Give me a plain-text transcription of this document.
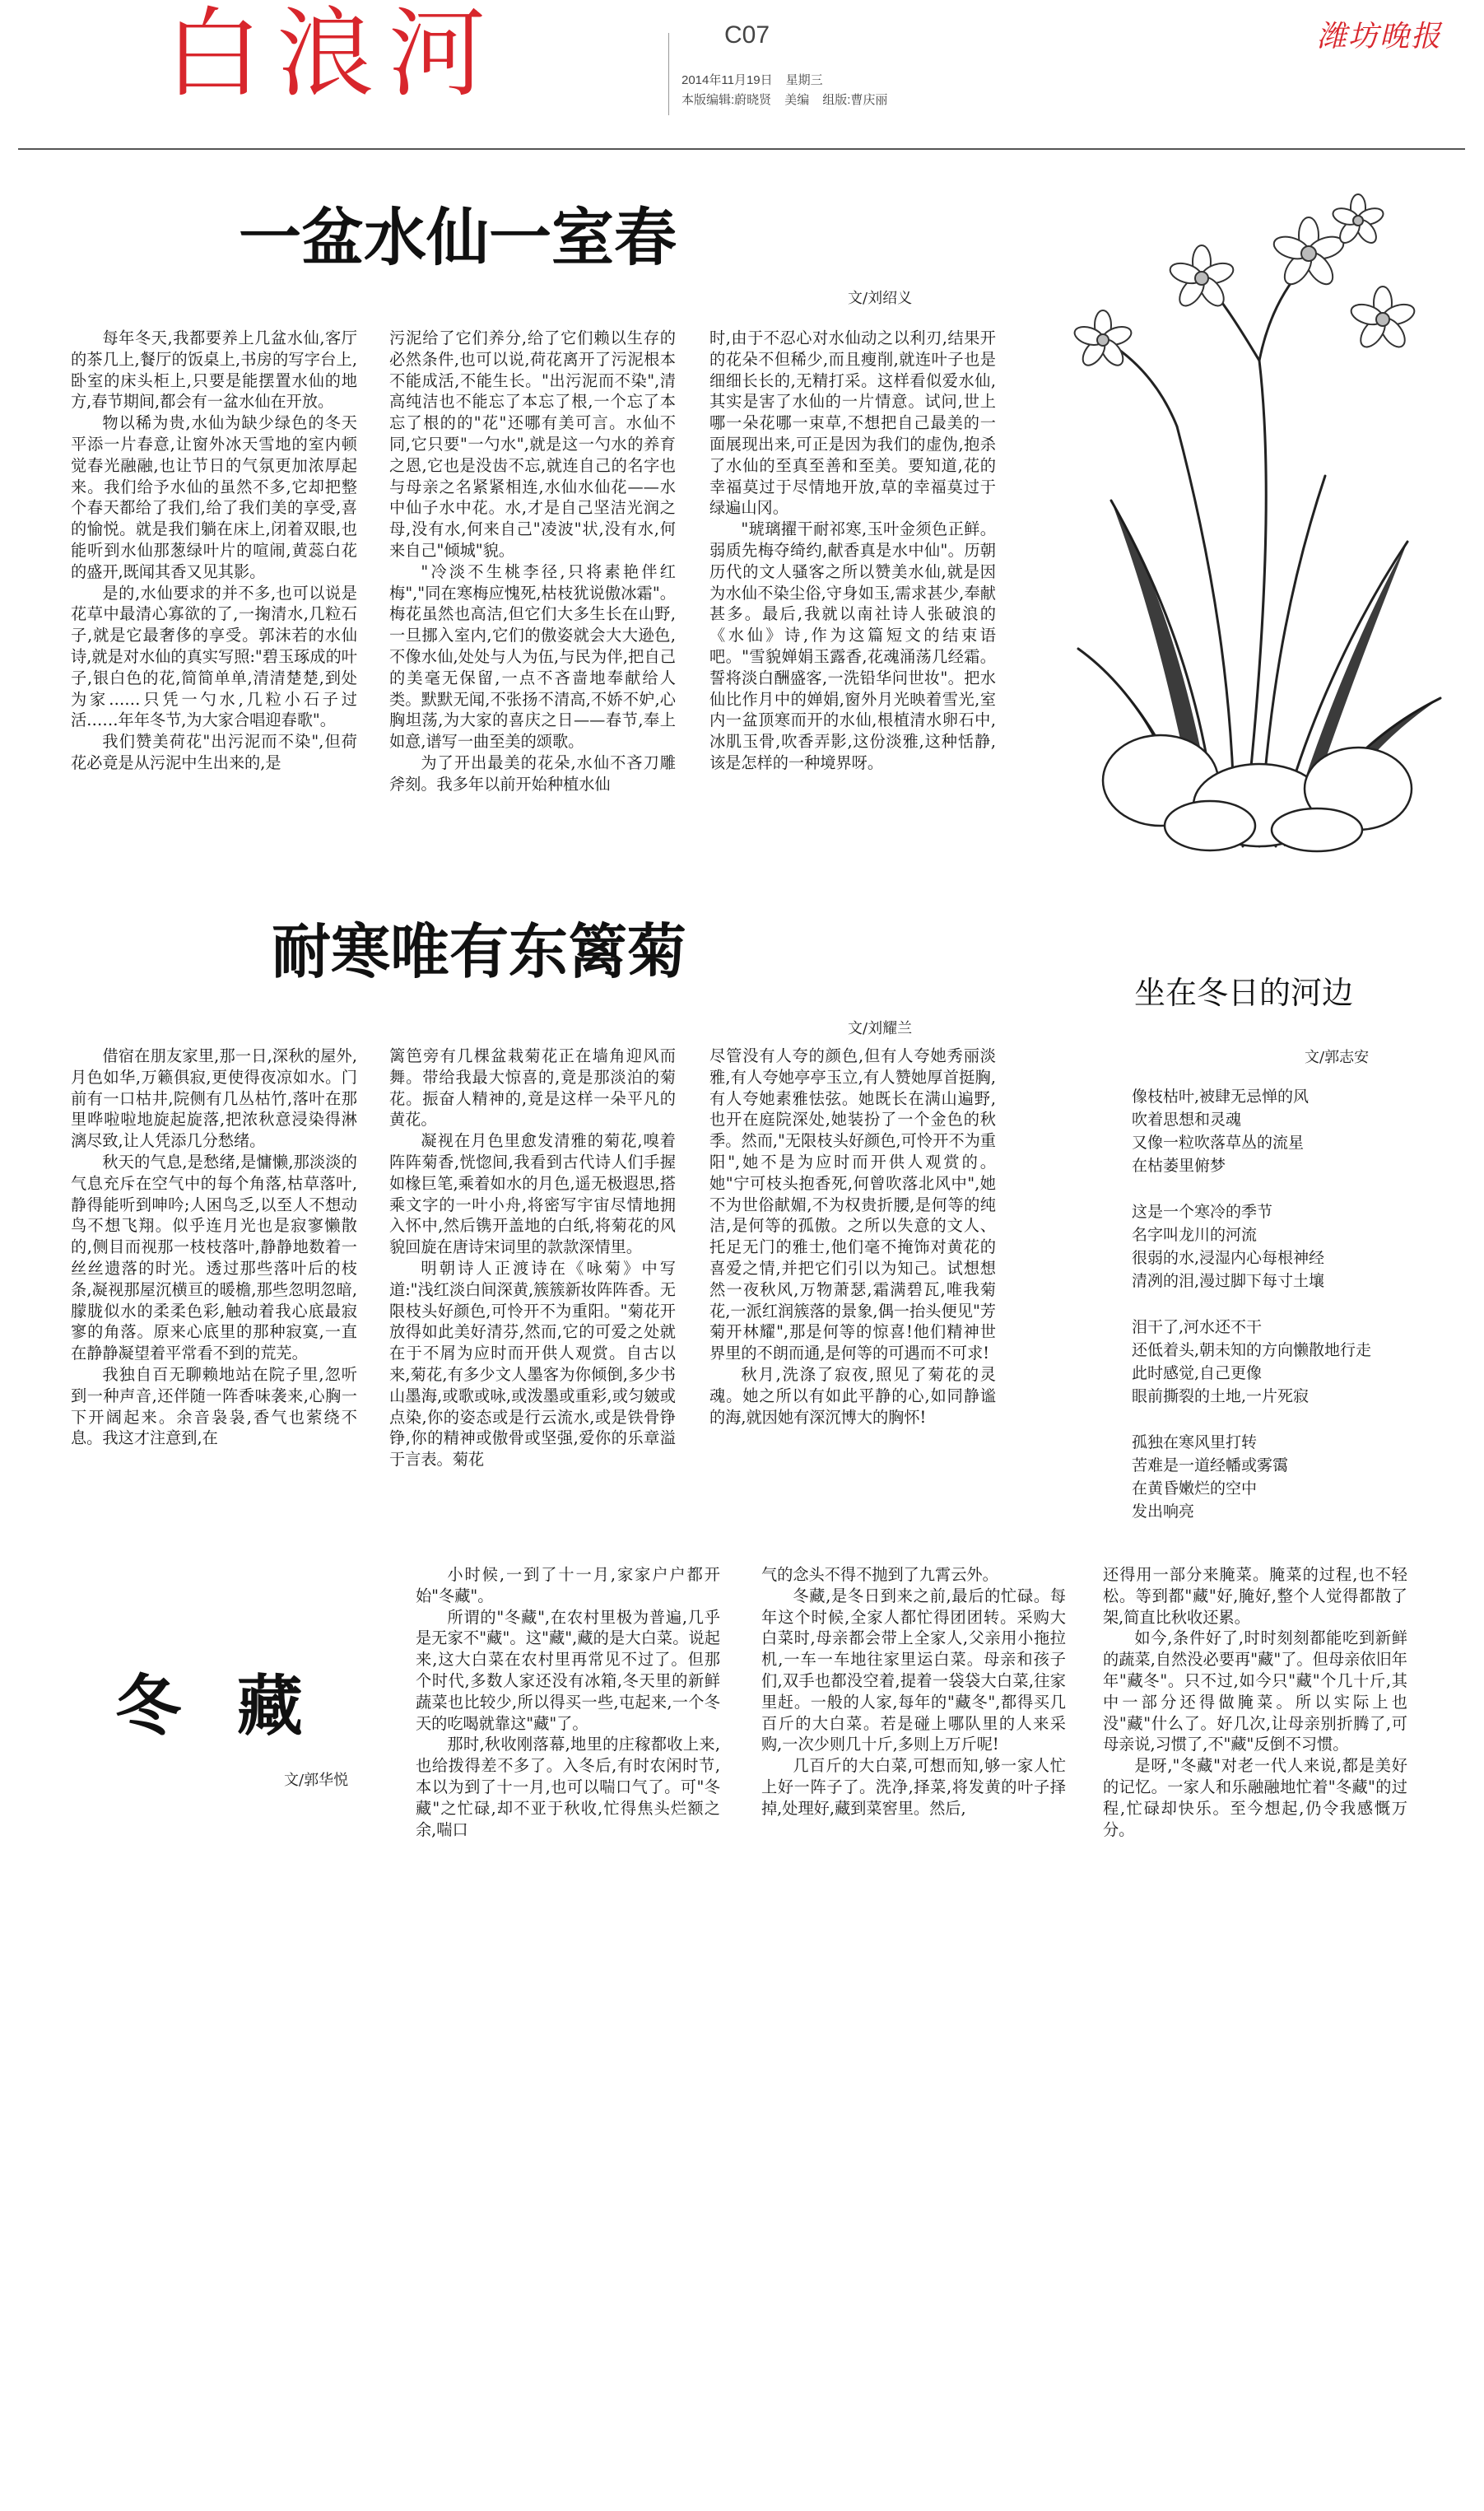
白浪河	C07
2014年11月19日 星期三
本版编辑:蔚晓贤 美编 组版:曹庆丽
潍坊晚报
一盆水仙一室春
文/刘绍义

每年冬天,我都要养上几盆水仙,客厅的茶几上,餐厅的饭桌上,书房的写字台上,卧室的床头柜上,只要是能摆置水仙的地方,春节期间,都会有一盆水仙在开放。

物以稀为贵,水仙为缺少绿色的冬天平添一片春意,让窗外冰天雪地的室内顿觉春光融融,也让节日的气氛更加浓厚起来。我们给予水仙的虽然不多,它却把整个春天都给了我们,给了我们美的享受,喜的愉悦。就是我们躺在床上,闭着双眼,也能听到水仙那葱绿叶片的喧闹,黄蕊白花的盛开,既闻其香又见其影。

是的,水仙要求的并不多,也可以说是花草中最清心寡欲的了,一掬清水,几粒石子,就是它最奢侈的享受。郭沫若的水仙诗,就是对水仙的真实写照:"碧玉琢成的叶子,银白色的花,简简单单,清清楚楚,到处为家……只凭一勺水,几粒小石子过活……年年冬节,为大家合唱迎春歌"。

我们赞美荷花"出污泥而不染",但荷花必竟是从污泥中生出来的,是

污泥给了它们养分,给了它们赖以生存的必然条件,也可以说,荷花离开了污泥根本不能成活,不能生长。"出污泥而不染",清高纯洁也不能忘了本忘了根,一个忘了本忘了根的的"花"还哪有美可言。水仙不同,它只要"一勺水",就是这一勺水的养育之恩,它也是没齿不忘,就连自己的名字也与母亲之名紧紧相连,水仙水仙花——水中仙子水中花。水,才是自己坚洁光润之母,没有水,何来自己"凌波"状,没有水,何来自己"倾城"貌。

"冷淡不生桃李径,只将素艳伴红梅","同在寒梅应愧死,枯枝犹说傲冰霜"。梅花虽然也高洁,但它们大多生长在山野,一旦挪入室内,它们的傲姿就会大大逊色,不像水仙,处处与人为伍,与民为伴,把自己的美毫无保留,一点不吝啬地奉献给人类。默默无闻,不张扬不清高,不娇不妒,心胸坦荡,为大家的喜庆之日——春节,奉上如意,谱写一曲至美的颂歌。

为了开出最美的花朵,水仙不吝刀雕斧刻。我多年以前开始种植水仙

时,由于不忍心对水仙动之以利刃,结果开的花朵不但稀少,而且瘦削,就连叶子也是细细长长的,无精打采。这样看似爱水仙,其实是害了水仙的一片情意。试问,世上哪一朵花哪一束草,不想把自己最美的一面展现出来,可正是因为我们的虚伪,抱杀了水仙的至真至善和至美。要知道,花的幸福莫过于尽情地开放,草的幸福莫过于绿遍山冈。

"琥璃擢干耐祁寒,玉叶金须色正鲜。弱质先梅夺绮约,献香真是水中仙"。历朝历代的文人骚客之所以赞美水仙,就是因为水仙不染尘俗,守身如玉,需求甚少,奉献甚多。最后,我就以南社诗人张破浪的《水仙》诗,作为这篇短文的结束语吧。"雪貌婵娟玉露香,花魂涌荡几经霜。誓将淡白酬盛客,一洗铅华问世妆"。把水仙比作月中的婵娟,窗外月光映着雪光,室内一盆顶寒而开的水仙,根植清水卵石中,冰肌玉骨,吹香弄影,这份淡雅,这种恬静,该是怎样的一种境界呀。

耐寒唯有东篱菊
文/刘耀兰

借宿在朋友家里,那一日,深秋的屋外,月色如华,万籁俱寂,更使得夜凉如水。门前有一口枯井,院侧有几丛枯竹,落叶在那里哗啦啦地旋起旋落,把浓秋意浸染得淋漓尽致,让人凭添几分愁绪。

秋天的气息,是愁绪,是慵懒,那淡淡的气息充斥在空气中的每个角落,枯草落叶,静得能听到呻吟;人困鸟乏,以至人不想动鸟不想飞翔。似乎连月光也是寂寥懒散的,侧目而视那一枝枝落叶,静静地数着一丝丝遗落的时光。透过那些落叶后的枝条,凝视那屋沉横亘的暖檐,那些忽明忽暗,朦胧似水的柔柔色彩,触动着我心底最寂寥的角落。原来心底里的那种寂寞,一直在静静凝望着平常看不到的荒芜。

我独自百无聊赖地站在院子里,忽听到一种声音,还伴随一阵香味袭来,心胸一下开阔起来。余音袅袅,香气也萦绕不息。我这才注意到,在

篱笆旁有几棵盆栽菊花正在墙角迎风而舞。带给我最大惊喜的,竟是那淡泊的菊花。振奋人精神的,竟是这样一朵平凡的黄花。

凝视在月色里愈发清雅的菊花,嗅着阵阵菊香,恍惚间,我看到古代诗人们手握如椽巨笔,乘着如水的月色,遥无极遐思,搭乘文字的一叶小舟,将密写宇宙尽情地拥入怀中,然后镌开盖地的白纸,将菊花的风貌回旋在唐诗宋词里的款款深情里。

明朝诗人正渡诗在《咏菊》中写道:"浅红淡白间深黄,簇簇新妆阵阵香。无限枝头好颜色,可怜开不为重阳。"菊花开放得如此美好清芬,然而,它的可爱之处就在于不屑为应时而开供人观赏。自古以来,菊花,有多少文人墨客为你倾倒,多少书山墨海,或歌或咏,或泼墨或重彩,或匀皴或点染,你的姿态或是行云流水,或是铁骨铮铮,你的精神或傲骨或坚强,爱你的乐章溢于言表。菊花

尽管没有人夸的颜色,但有人夸她秀丽淡雅,有人夸她亭亭玉立,有人赞她厚首挺胸,有人夸她素雅怯弦。她既长在满山遍野,也开在庭院深处,她装扮了一个金色的秋季。然而,"无限枝头好颜色,可怜开不为重阳",她不是为应时而开供人观赏的。她"宁可枝头抱香死,何曾吹落北风中",她不为世俗献媚,不为权贵折腰,是何等的纯洁,是何等的孤傲。之所以失意的文人、托足无门的雅士,他们毫不掩饰对黄花的喜爱之情,并把它们引以为知己。试想想然一夜秋风,万物萧瑟,霜满碧瓦,唯我菊花,一派红润簇落的景象,偶一抬头便见"芳菊开林耀",那是何等的惊喜!他们精神世界里的不朗而通,是何等的可遇而不可求!

秋月,洗涤了寂夜,照见了菊花的灵魂。她之所以有如此平静的心,如同静谧的海,就因她有深沉博大的胸怀!

坐在冬日的河边
文/郭志安
像枝枯叶,被肆无忌惮的风
吹着思想和灵魂
又像一粒吹落草丛的流星
在枯萎里俯梦
这是一个寒冷的季节
名字叫龙川的河流
很弱的水,浸湿内心每根神经
清冽的泪,漫过脚下每寸土壤
泪干了,河水还不干
还低着头,朝未知的方向懒散地行走
此时感觉,自己更像
眼前撕裂的土地,一片死寂
孤独在寒风里打转
苦难是一道经幡或雾霭
在黄昏嫩烂的空中
发出响亮
冬 藏
文/郭华悦

小时候,一到了十一月,家家户户都开始"冬藏"。

所谓的"冬藏",在农村里极为普遍,几乎是无家不"藏"。这"藏",藏的是大白菜。说起来,这大白菜在农村里再常见不过了。但那个时代,多数人家还没有冰箱,冬天里的新鲜蔬菜也比较少,所以得买一些,屯起来,一个冬天的吃喝就靠这"藏"了。

那时,秋收刚落幕,地里的庄稼都收上来,也给拨得差不多了。入冬后,有时农闲时节,本以为到了十一月,也可以喘口气了。可"冬藏"之忙碌,却不亚于秋收,忙得焦头烂额之余,喘口

气的念头不得不抛到了九霄云外。

冬藏,是冬日到来之前,最后的忙碌。每年这个时候,全家人都忙得团团转。采购大白菜时,母亲都会带上全家人,父亲用小拖拉机,一车一车地往家里运白菜。母亲和孩子们,双手也都没空着,提着一袋袋大白菜,往家里赶。一般的人家,每年的"藏冬",都得买几百斤的大白菜。若是碰上哪队里的人来采购,一次少则几十斤,多则上万斤呢!

几百斤的大白菜,可想而知,够一家人忙上好一阵子了。洗净,择菜,将发黄的叶子择掉,处理好,藏到菜窖里。然后,

还得用一部分来腌菜。腌菜的过程,也不轻松。等到都"藏"好,腌好,整个人觉得都散了架,简直比秋收还累。

如今,条件好了,时时刻刻都能吃到新鲜的蔬菜,自然没必要再"藏"了。但母亲依旧年年"藏冬"。只不过,如今只"藏"个几十斤,其中一部分还得做腌菜。所以实际上也没"藏"什么了。好几次,让母亲别折腾了,可母亲说,习惯了,不"藏"反倒不习惯。

是呀,"冬藏"对老一代人来说,都是美好的记忆。一家人和乐融融地忙着"冬藏"的过程,忙碌却快乐。至今想起,仍令我感慨万分。
